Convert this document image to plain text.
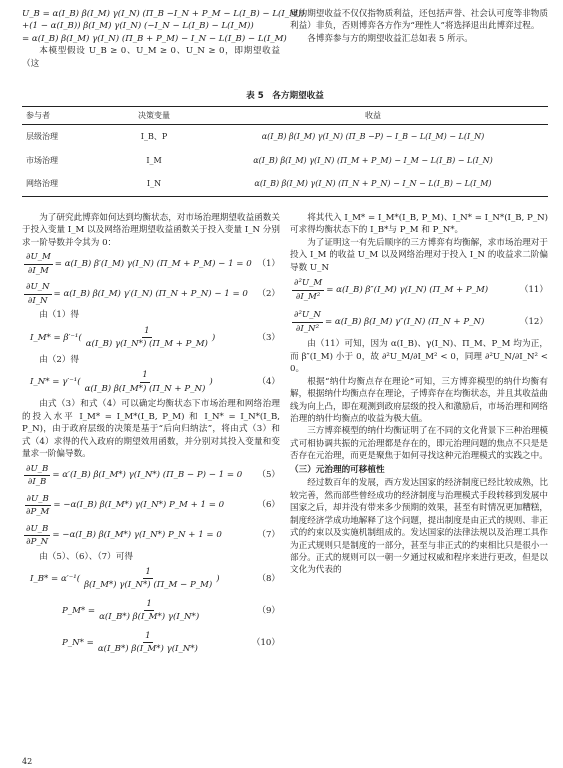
U_B = α(I_B) β(I_M) γ(I_N) (Π_B −I_N + P_M − L(I_B) − L(I_M))
+(1 − α(I_B)) β(I_M) γ(I_N) (−I_N − L(I_B) − L(I_M))
= α(I_B) β(I_M) γ(I_N) (Π_B + P_M) − I_N − L(I_B) − L(I_M)

本模型假设 U_B ≥ 0、U_M ≥ 0、U_N ≥ 0，即期望收益（这

里的期望收益不仅仅指物质利益，还包括声誉、社会认可度等非物质利益）非负，否则博弈各方作为“理性人”将选择退出此博弈过程。

各博弈参与方的期望收益汇总如表 5 所示。

表 5　各方期望收益
参与者	决策变量	收益
层级治理	I_B、P	α(I_B) β(I_M) γ(I_N) (Π_B −P) − I_B − L(I_M) − L(I_N)
市场治理	I_M	α(I_B) β(I_M) γ(I_N) (Π_M + P_M) − I_M − L(I_B) − L(I_N)
网络治理	I_N	α(I_B) β(I_M) γ(I_N) (Π_N + P_N) − I_N − L(I_B) − L(I_M)

为了研究此博弈如何达到均衡状态，对市场治理期望收益函数关于投入变量 I_M 以及网络治理期望收益函数关于投入变量 I_N 分别求一阶导数并令其为 0：

$\frac{\partial U\_M}{\partial I\_M}$ = α(I_B) β′(I_M) γ(I_N) (Π_M + P_M) − 1 = 0 （1）
$\frac{\partial U\_N}{\partial I\_N}$ = α(I_B) β(I_M) γ′(I_N) (Π_N + P_N) − 1 = 0 （2）

由（1）得

I_M* = $\beta'^{-1}( \frac{1}{\alpha(I\_B) \gamma(I\_N*) (\Pi\_M + P\_M)}$ )	（3）

由（2）得

I_N* = $\gamma'^{-1}( \frac{1}{\alpha(I\_B) \beta(I\_M*) (\Pi\_N + P\_N)}$ )	（4）

由式（3）和式（4）可以确定均衡状态下市场治理和网络治理的投入水平 I_M* = I_M*(I_B, P_M) 和 I_N* = I_N*(I_B, P_N)，由于政府层级的决策是基于“后向归纳法”，将由式（3）和式（4）求得的代入政府的期望效用函数，并分别对其投入变量和变量求一阶偏导数。

$\frac{\partial U\_B}{\partial I\_B}$ = α′(I_B) β(I_M*) γ(I_N*) (Π_B − P) − 1 = 0 （5）
$\frac{\partial U\_B}{\partial P\_M}$ = −α(I_B) β(I_M*) γ(I_N*) P_M + 1 = 0	（6）
$\frac{\partial U\_B}{\partial P\_N}$ = −α(I_B) β(I_M*) γ(I_N*) P_N + 1 = 0	（7）

由（5）、（6）、（7）可得

I_B* = $\alpha'^{-1}( \frac{1}{\beta(I\_M*) \gamma(I\_N*) (\Pi\_M - P\_M)}$ )	（8）
P_M* = $\frac{1}{\alpha(I\_B*) \beta(I\_M*) \gamma(I\_N*)}$	（9）
P_N* = $\frac{1}{\alpha(I\_B*) \beta(I\_M*) \gamma(I\_N*)}$	（10）
42

将其代入 I_M* = I_M*(I_B, P_M)、I_N* = I_N*(I_B, P_N) 可求得均衡状态下的 I_B*与 P_M 和 P_N*。

为了证明这一有先后顺序的三方博弈有均衡解，求市场治理对于投入 I_M 的收益 U_M 以及网络治理对于投入 I_N 的收益求二阶偏导数 U_N

$\frac{\text{∂²U\_M}}{\text{∂I\_M²}}$ = α(I_B) β″(I_M) γ(I_N) (Π_M + P_M)	（11）
$\frac{\text{∂²U\_N}}{\text{∂I\_N²}}$ = α(I_B) β(I_M) γ″(I_N) (Π_N + P_N)	（12）

由（11）可知，因为 α(I_B)、γ(I_N)、Π_M、P_M 均为正，而 β″(I_M) 小于 0，故 ∂²U_M/∂I_M² < 0，同理 ∂²U_N/∂I_N² < 0。

根据“纳什均衡点存在理论”可知，三方博弈模型的纳什均衡有解，根据纳什均衡点存在理论，子博弈存在均衡状态，并且其收益曲线为向上凸，即在观测到政府层级的投入和激励后，市场治理和网络治理的纳什均衡点的收益为极大值。

三方博弈模型的纳什均衡证明了在不同的文化背景下三种治理模式可相协调共振的元治理都是存在的，即元治理问题的焦点不只是是否存在元治理，而更是聚焦于如何寻找这种元治理模式的实践之中。

（三）元治理的可移植性

经过数百年的发展，西方发达国家的经济制度已经比较成熟，比较完善，然而部些曾经成功的经济制度与治理模式手段转移到发展中国家之后，却并没有带来多少预期的效果，甚至有时情况更加糟糕，制度经济学成功地解释了这个问题，提出制度是由正式的规则、非正式的约束以及实施机制组成的。发达国家的法律法规以及治理工具作为正式规则只是制度的一部分，甚至与非正式的约束相比只是很小一部分。正式的规则可以一朝一夕通过权威和程序来进行更改，但是以文化为代表的
